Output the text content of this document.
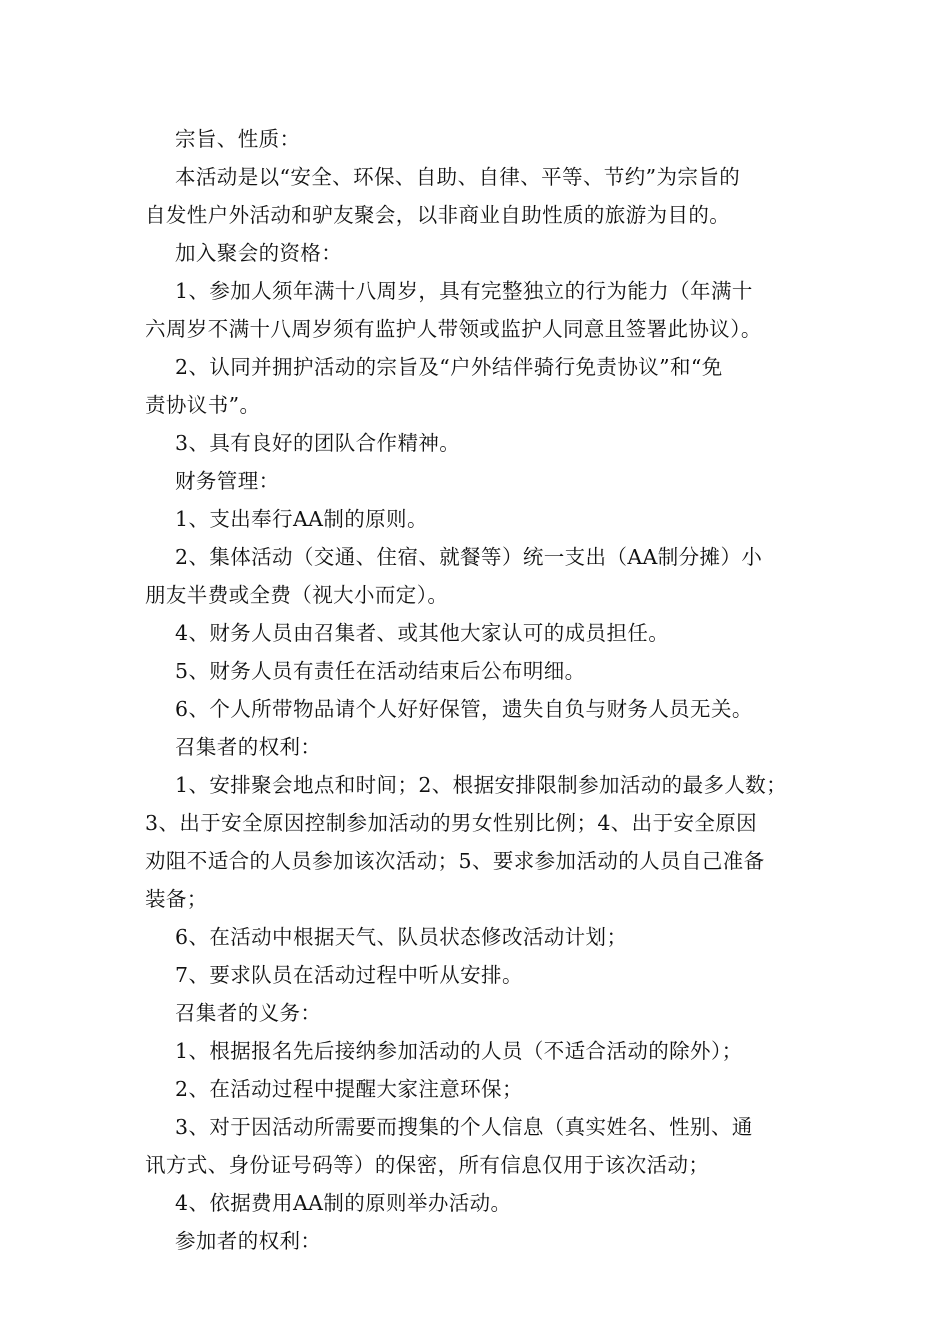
宗旨、性质：
本活动是以“安全、环保、自助、自律、平等、节约”为宗旨的
自发性户外活动和驴友聚会，以非商业自助性质的旅游为目的。
加入聚会的资格：
1、参加人须年满十八周岁，具有完整独立的行为能力（年满十
六周岁不满十八周岁须有监护人带领或监护人同意且签署此协议）。
2、认同并拥护活动的宗旨及“户外结伴骑行免责协议”和“免
责协议书”。
3、具有良好的团队合作精神。
财务管理：
1、支出奉行AA制的原则。
2、集体活动（交通、住宿、就餐等）统一支出（AA制分摊）小
朋友半费或全费（视大小而定）。
4、财务人员由召集者、或其他大家认可的成员担任。
5、财务人员有责任在活动结束后公布明细。
6、个人所带物品请个人好好保管，遗失自负与财务人员无关。
召集者的权利：
1、安排聚会地点和时间；2、根据安排限制参加活动的最多人数；
3、出于安全原因控制参加活动的男女性别比例；4、出于安全原因
劝阻不适合的人员参加该次活动；5、要求参加活动的人员自己准备
装备；
6、在活动中根据天气、队员状态修改活动计划；
7、要求队员在活动过程中听从安排。
召集者的义务：
1、根据报名先后接纳参加活动的人员（不适合活动的除外）；
2、在活动过程中提醒大家注意环保；
3、对于因活动所需要而搜集的个人信息（真实姓名、性别、通
讯方式、身份证号码等）的保密，所有信息仅用于该次活动；
4、依据费用AA制的原则举办活动。
参加者的权利：
